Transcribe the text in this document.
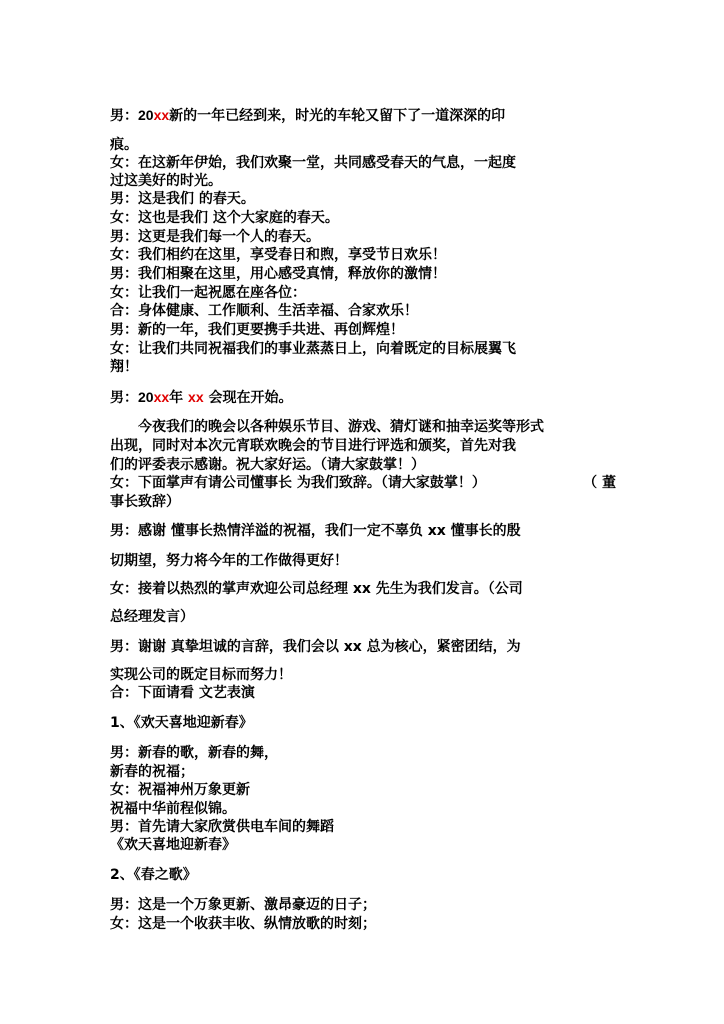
男：20xx新的一年已经到来，时光的车轮又留下了一道深深的印
痕。
女：在这新年伊始，我们欢聚一堂，共同感受春天的气息，一起度
过这美好的时光。
男：这是我们 的春天。
女：这也是我们 这个大家庭的春天。
男：这更是我们每一个人的春天。
女：我们相约在这里，享受春日和煦，享受节日欢乐！
男：我们相聚在这里，用心感受真情，释放你的激情！
女：让我们一起祝愿在座各位：
合：身体健康、工作顺利、生活幸福、合家欢乐！
男：新的一年，我们更要携手共进、再创辉煌！
女：让我们共同祝福我们的事业蒸蒸日上，向着既定的目标展翼飞
翔！
男：20xx年 xx 会现在开始。
今夜我们的晚会以各种娱乐节目、游戏、猜灯谜和抽幸运奖等形式
出现，同时对本次元宵联欢晚会的节目进行评选和颁奖，首先对我
们的评委表示感谢。祝大家好运。（请大家鼓掌！）
女：下面掌声有请公司懂事长 为我们致辞。（请大家鼓掌！）	（ 董
事长致辞）
男：感谢 懂事长热情洋溢的祝福，我们一定不辜负 xx 懂事长的殷
切期望，努力将今年的工作做得更好！
女：接着以热烈的掌声欢迎公司总经理 xx 先生为我们发言。（公司
总经理发言）
男：谢谢 真挚坦诚的言辞，我们会以 xx 总为核心，紧密团结，为
实现公司的既定目标而努力！
合：下面请看 文艺表演
1、《欢天喜地迎新春》
男：新春的歌，新春的舞，
新春的祝福；
女：祝福神州万象更新
祝福中华前程似锦。
男：首先请大家欣赏供电车间的舞蹈
《欢天喜地迎新春》
2、《春之歌》
男：这是一个万象更新、激昂豪迈的日子；
女：这是一个收获丰收、纵情放歌的时刻；
